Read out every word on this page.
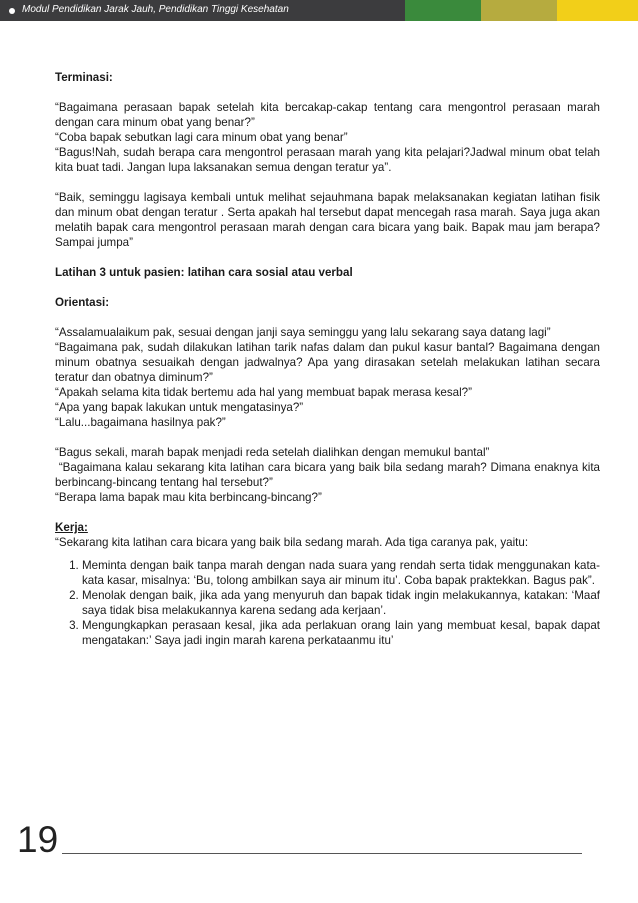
Modul Pendidikan Jarak Jauh, Pendidikan Tinggi Kesehatan

Terminasi:

“Bagaimana perasaan bapak setelah kita bercakap-cakap tentang cara mengontrol perasaan marah dengan cara minum obat yang benar?”

“Coba bapak sebutkan lagi cara minum obat yang benar”

“Bagus!Nah, sudah berapa cara mengontrol perasaan marah yang kita pelajari?Jadwal minum obat telah kita buat tadi. Jangan lupa laksanakan semua dengan teratur ya”.

“Baik, seminggu lagisaya kembali untuk melihat sejauhmana bapak melaksanakan kegiatan latihan fisik dan minum obat dengan teratur . Serta apakah hal tersebut dapat mencegah rasa marah. Saya juga akan melatih bapak cara mengontrol perasaan marah dengan cara bicara yang baik. Bapak mau jam berapa? Sampai jumpa”

Latihan 3 untuk pasien: latihan cara sosial atau verbal

Orientasi:

“Assalamualaikum pak, sesuai dengan janji saya seminggu yang lalu sekarang saya datang lagi”

“Bagaimana pak, sudah dilakukan latihan tarik nafas dalam dan pukul kasur bantal? Bagaimana dengan minum obatnya sesuaikah dengan jadwalnya? Apa yang dirasakan setelah melakukan latihan secara teratur dan obatnya diminum?”

“Apakah selama kita tidak bertemu ada hal yang membuat bapak merasa kesal?”

“Apa yang bapak lakukan untuk mengatasinya?”

“Lalu...bagaimana hasilnya pak?”

“Bagus sekali, marah bapak menjadi reda setelah dialihkan dengan memukul bantal”

“Bagaimana kalau sekarang kita latihan cara bicara yang baik bila sedang marah? Dimana enaknya kita berbincang-bincang tentang hal tersebut?”

“Berapa lama bapak mau kita berbincang-bincang?”

Kerja:

“Sekarang kita latihan cara bicara yang baik bila sedang marah. Ada tiga caranya pak, yaitu:

1. Meminta dengan baik tanpa marah dengan nada suara yang rendah serta tidak menggunakan kata-kata kasar, misalnya: ‘Bu, tolong ambilkan saya air minum itu’. Coba bapak praktekkan. Bagus pak”.
2. Menolak dengan baik, jika ada yang menyuruh dan bapak tidak ingin melakukannya, katakan: ‘Maaf saya tidak bisa melakukannya karena sedang ada kerjaan’.
3. Mengungkapkan perasaan kesal, jika ada perlakuan orang lain yang membuat kesal, bapak dapat mengatakan:’ Saya jadi ingin marah karena perkataanmu itu’
19
